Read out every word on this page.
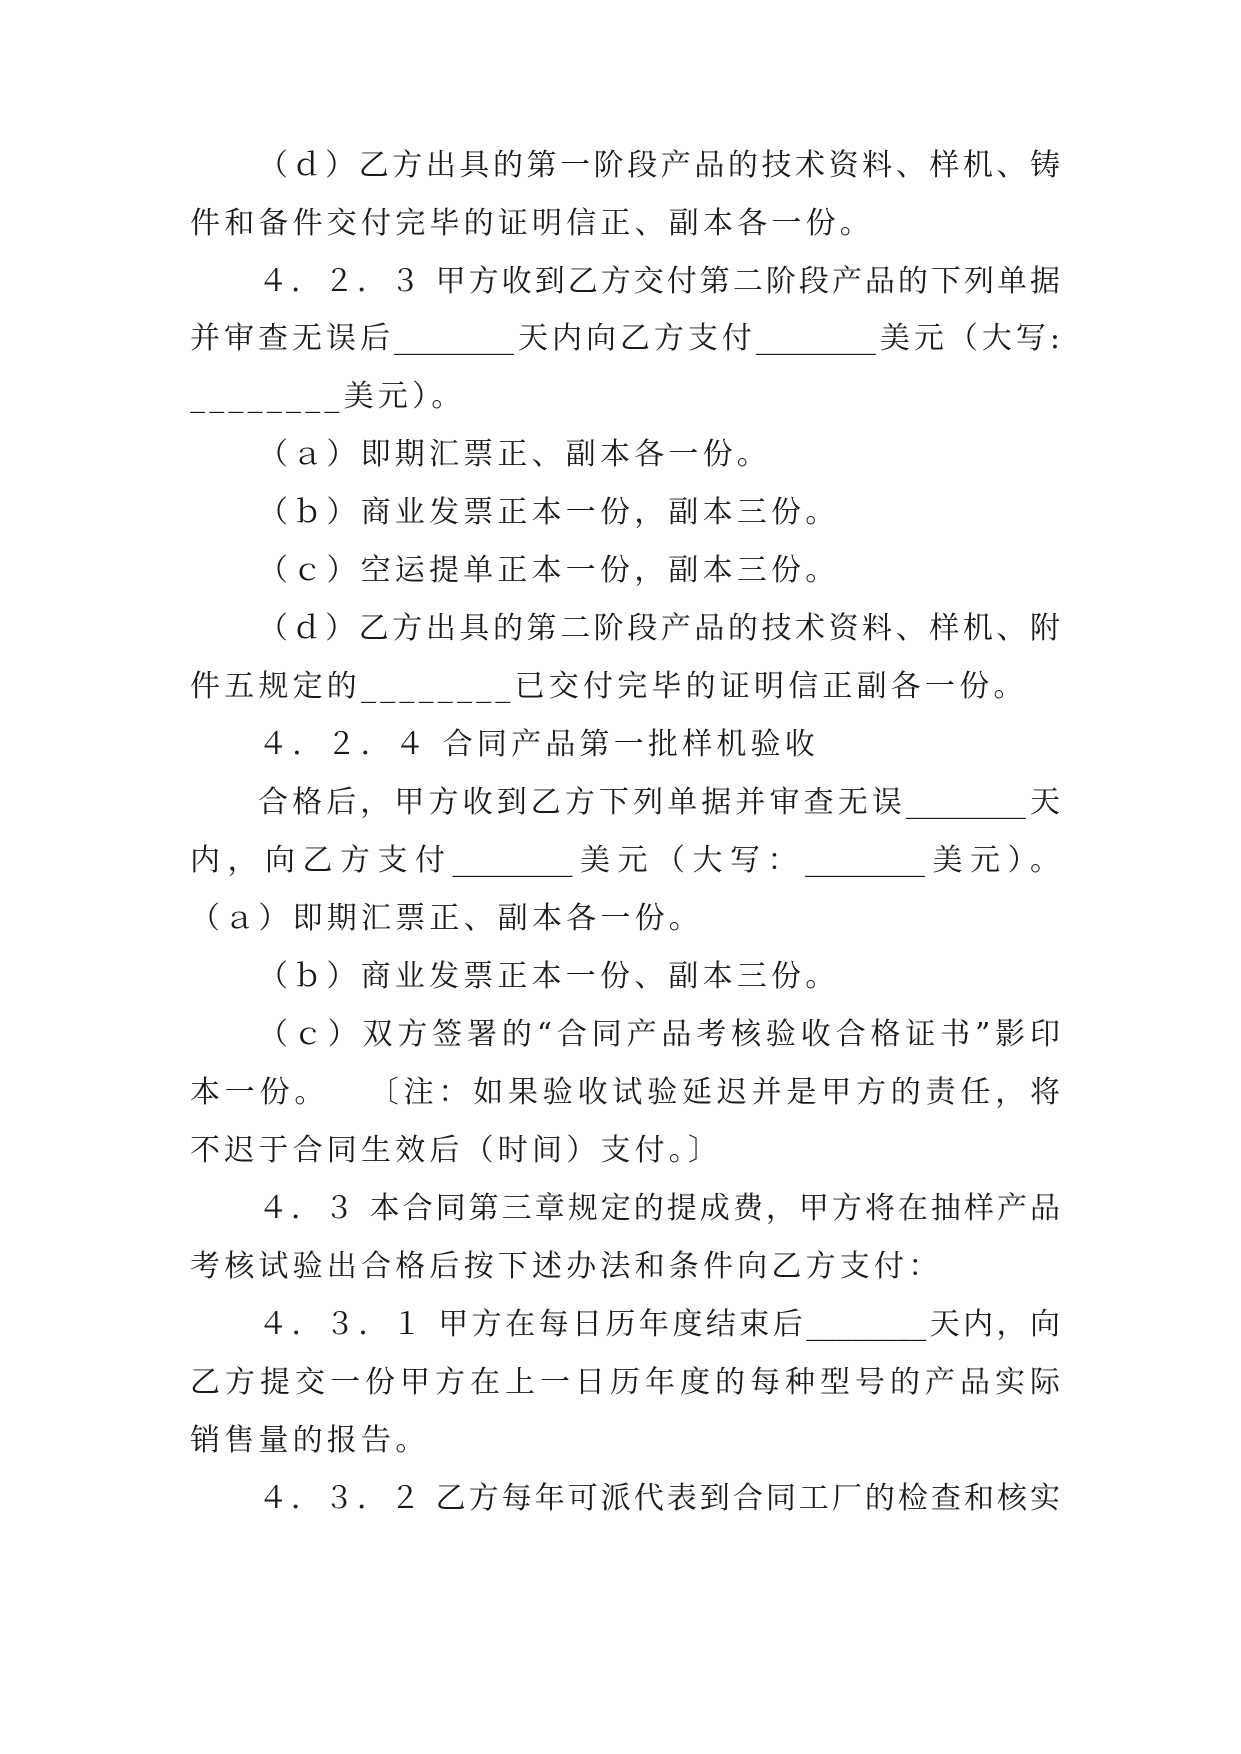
（ｄ）乙方出具的第一阶段产品的技术资料、样机、铸
件和备件交付完毕的证明信正、副本各一份。
４．２．３ 甲方收到乙方交付第二阶段产品的下列单据
并审查无误后________天内向乙方支付________美元（大写:
________美元）。
（ａ）即期汇票正、副本各一份。
（ｂ）商业发票正本一份，副本三份。
（ｃ）空运提单正本一份，副本三份。
（ｄ）乙方出具的第二阶段产品的技术资料、样机、附
件五规定的________已交付完毕的证明信正副各一份。
４．２．４ 合同产品第一批样机验收
合格后，甲方收到乙方下列单据并审查无误________天
内，向乙方支付________美元（大写：________美元）。
（ａ）即期汇票正、副本各一份。
（ｂ）商业发票正本一份、副本三份。
（ｃ）双方签署的“合同产品考核验收合格证书”影印
本一份。　　〔注：如果验收试验延迟并是甲方的责任，将
不迟于合同生效后（时间）支付。〕
４．３ 本合同第三章规定的提成费，甲方将在抽样产品
考核试验出合格后按下述办法和条件向乙方支付：
４．３．１ 甲方在每日历年度结束后________天内，向
乙方提交一份甲方在上一日历年度的每种型号的产品实际
销售量的报告。
４．３．２ 乙方每年可派代表到合同工厂的检查和核实
